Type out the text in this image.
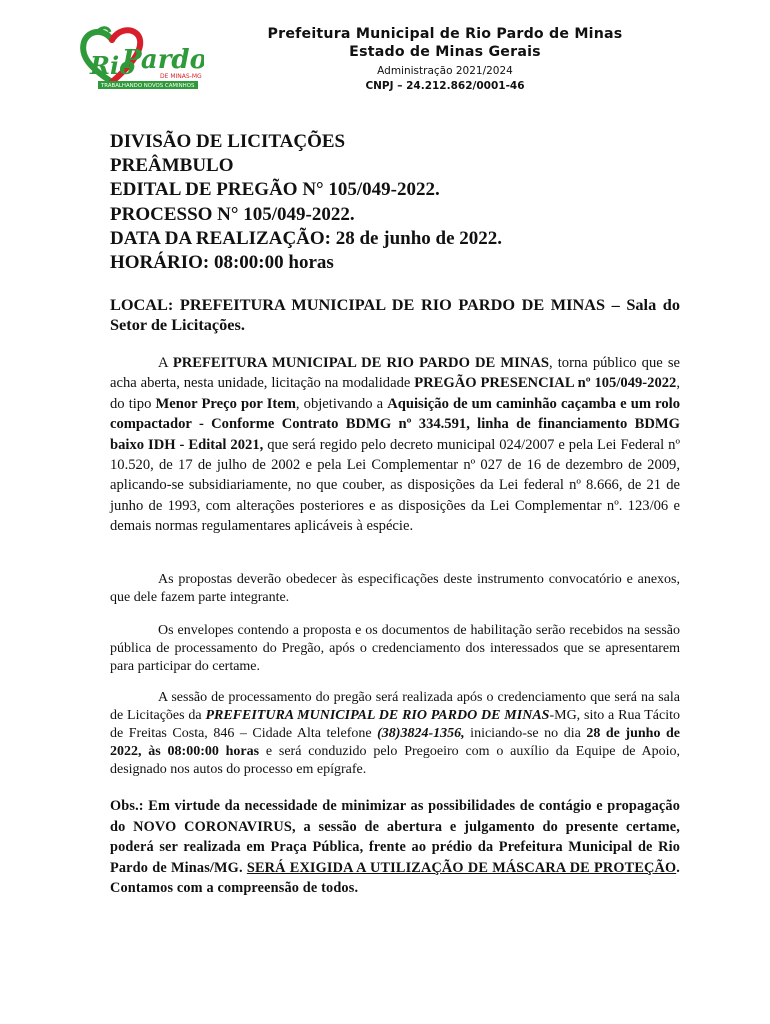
Rio
Pardo
DE MINAS-MG
TRABALHANDO NOVOS CAMINHOS
Prefeitura Municipal de Rio Pardo de Minas
Estado de Minas Gerais
Administração 2021/2024
CNPJ – 24.212.862/0001-46
DIVISÃO DE LICITAÇÕES
PREÂMBULO
EDITAL DE PREGÃO N° 105/049-2022.
PROCESSO N° 105/049-2022.
DATA DA REALIZAÇÃO: 28 de junho de 2022.
HORÁRIO: 08:00:00 horas
LOCAL: PREFEITURA MUNICIPAL DE RIO PARDO DE MINAS – Sala do Setor de Licitações.
A PREFEITURA MUNICIPAL DE RIO PARDO DE MINAS, torna público que se acha aberta, nesta unidade, licitação na modalidade PREGÃO PRESENCIAL nº 105/049-2022, do tipo Menor Preço por Item, objetivando a Aquisição de um caminhão caçamba e um rolo compactador - Conforme Contrato BDMG nº 334.591, linha de financiamento BDMG baixo IDH - Edital 2021, que será regido pelo decreto municipal 024/2007 e pela Lei Federal nº 10.520, de 17 de julho de 2002 e pela Lei Complementar nº 027 de 16 de dezembro de 2009, aplicando-se subsidiariamente, no que couber, as disposições da Lei federal nº 8.666, de 21 de junho de 1993, com alterações posteriores e as disposições da Lei Complementar nº. 123/06 e demais normas regulamentares aplicáveis à espécie.
As propostas deverão obedecer às especificações deste instrumento convocatório e anexos, que dele fazem parte integrante.
Os envelopes contendo a proposta e os documentos de habilitação serão recebidos na sessão pública de processamento do Pregão, após o credenciamento dos interessados que se apresentarem para participar do certame.
A sessão de processamento do pregão será realizada após o credenciamento que será na sala de Licitações da PREFEITURA MUNICIPAL DE RIO PARDO DE MINAS-MG, sito a Rua Tácito de Freitas Costa, 846 – Cidade Alta telefone (38)3824-1356, iniciando-se no dia 28 de junho de 2022, às 08:00:00 horas e será conduzido pelo Pregoeiro com o auxílio da Equipe de Apoio, designado nos autos do processo em epígrafe.
Obs.: Em virtude da necessidade de minimizar as possibilidades de contágio e propagação do NOVO CORONAVIRUS, a sessão de abertura e julgamento do presente certame, poderá ser realizada em Praça Pública, frente ao prédio da Prefeitura Municipal de Rio Pardo de Minas/MG. SERÁ EXIGIDA A UTILIZAÇÃO DE MÁSCARA DE PROTEÇÃO. Contamos com a compreensão de todos.
